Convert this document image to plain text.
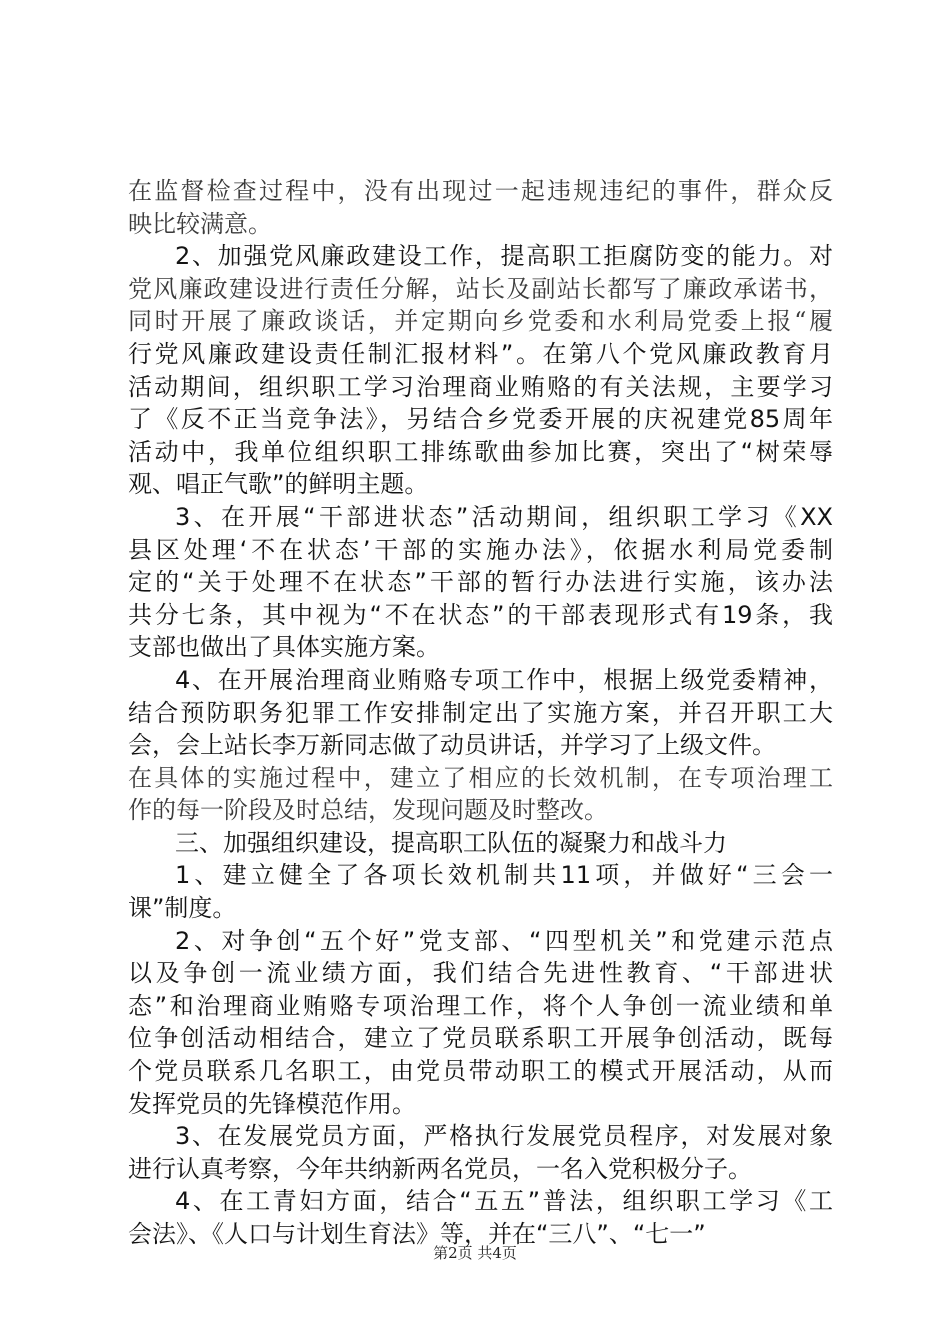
在监督检查过程中，没有出现过一起违规违纪的事件，群众反
映比较满意。
2、加强党风廉政建设工作，提高职工拒腐防变的能力。对
党风廉政建设进行责任分解，站长及副站长都写了廉政承诺书，
同时开展了廉政谈话，并定期向乡党委和水利局党委上报“履
行党风廉政建设责任制汇报材料”。在第八个党风廉政教育月
活动期间，组织职工学习治理商业贿赂的有关法规，主要学习
了《反不正当竞争法》，另结合乡党委开展的庆祝建党85周年
活动中，我单位组织职工排练歌曲参加比赛，突出了“树荣辱
观、唱正气歌”的鲜明主题。
3、在开展“干部进状态”活动期间，组织职工学习《XX
县区处理‘不在状态’干部的实施办法》，依据水利局党委制
定的“关于处理不在状态”干部的暂行办法进行实施，该办法
共分七条，其中视为“不在状态”的干部表现形式有19条，我
支部也做出了具体实施方案。
4、在开展治理商业贿赂专项工作中，根据上级党委精神，
结合预防职务犯罪工作安排制定出了实施方案，并召开职工大
会，会上站长李万新同志做了动员讲话，并学习了上级文件。
在具体的实施过程中，建立了相应的长效机制，在专项治理工
作的每一阶段及时总结，发现问题及时整改。
三、加强组织建设，提高职工队伍的凝聚力和战斗力
1、建立健全了各项长效机制共11项，并做好“三会一
课”制度。
2、对争创“五个好”党支部、“四型机关”和党建示范点
以及争创一流业绩方面，我们结合先进性教育、“干部进状
态”和治理商业贿赂专项治理工作，将个人争创一流业绩和单
位争创活动相结合，建立了党员联系职工开展争创活动，既每
个党员联系几名职工，由党员带动职工的模式开展活动，从而
发挥党员的先锋模范作用。
3、在发展党员方面，严格执行发展党员程序，对发展对象
进行认真考察，今年共纳新两名党员，一名入党积极分子。
4、在工青妇方面，结合“五五”普法，组织职工学习《工
会法》、《人口与计划生育法》等，并在“三八”、“七一”
第2页 共4页
